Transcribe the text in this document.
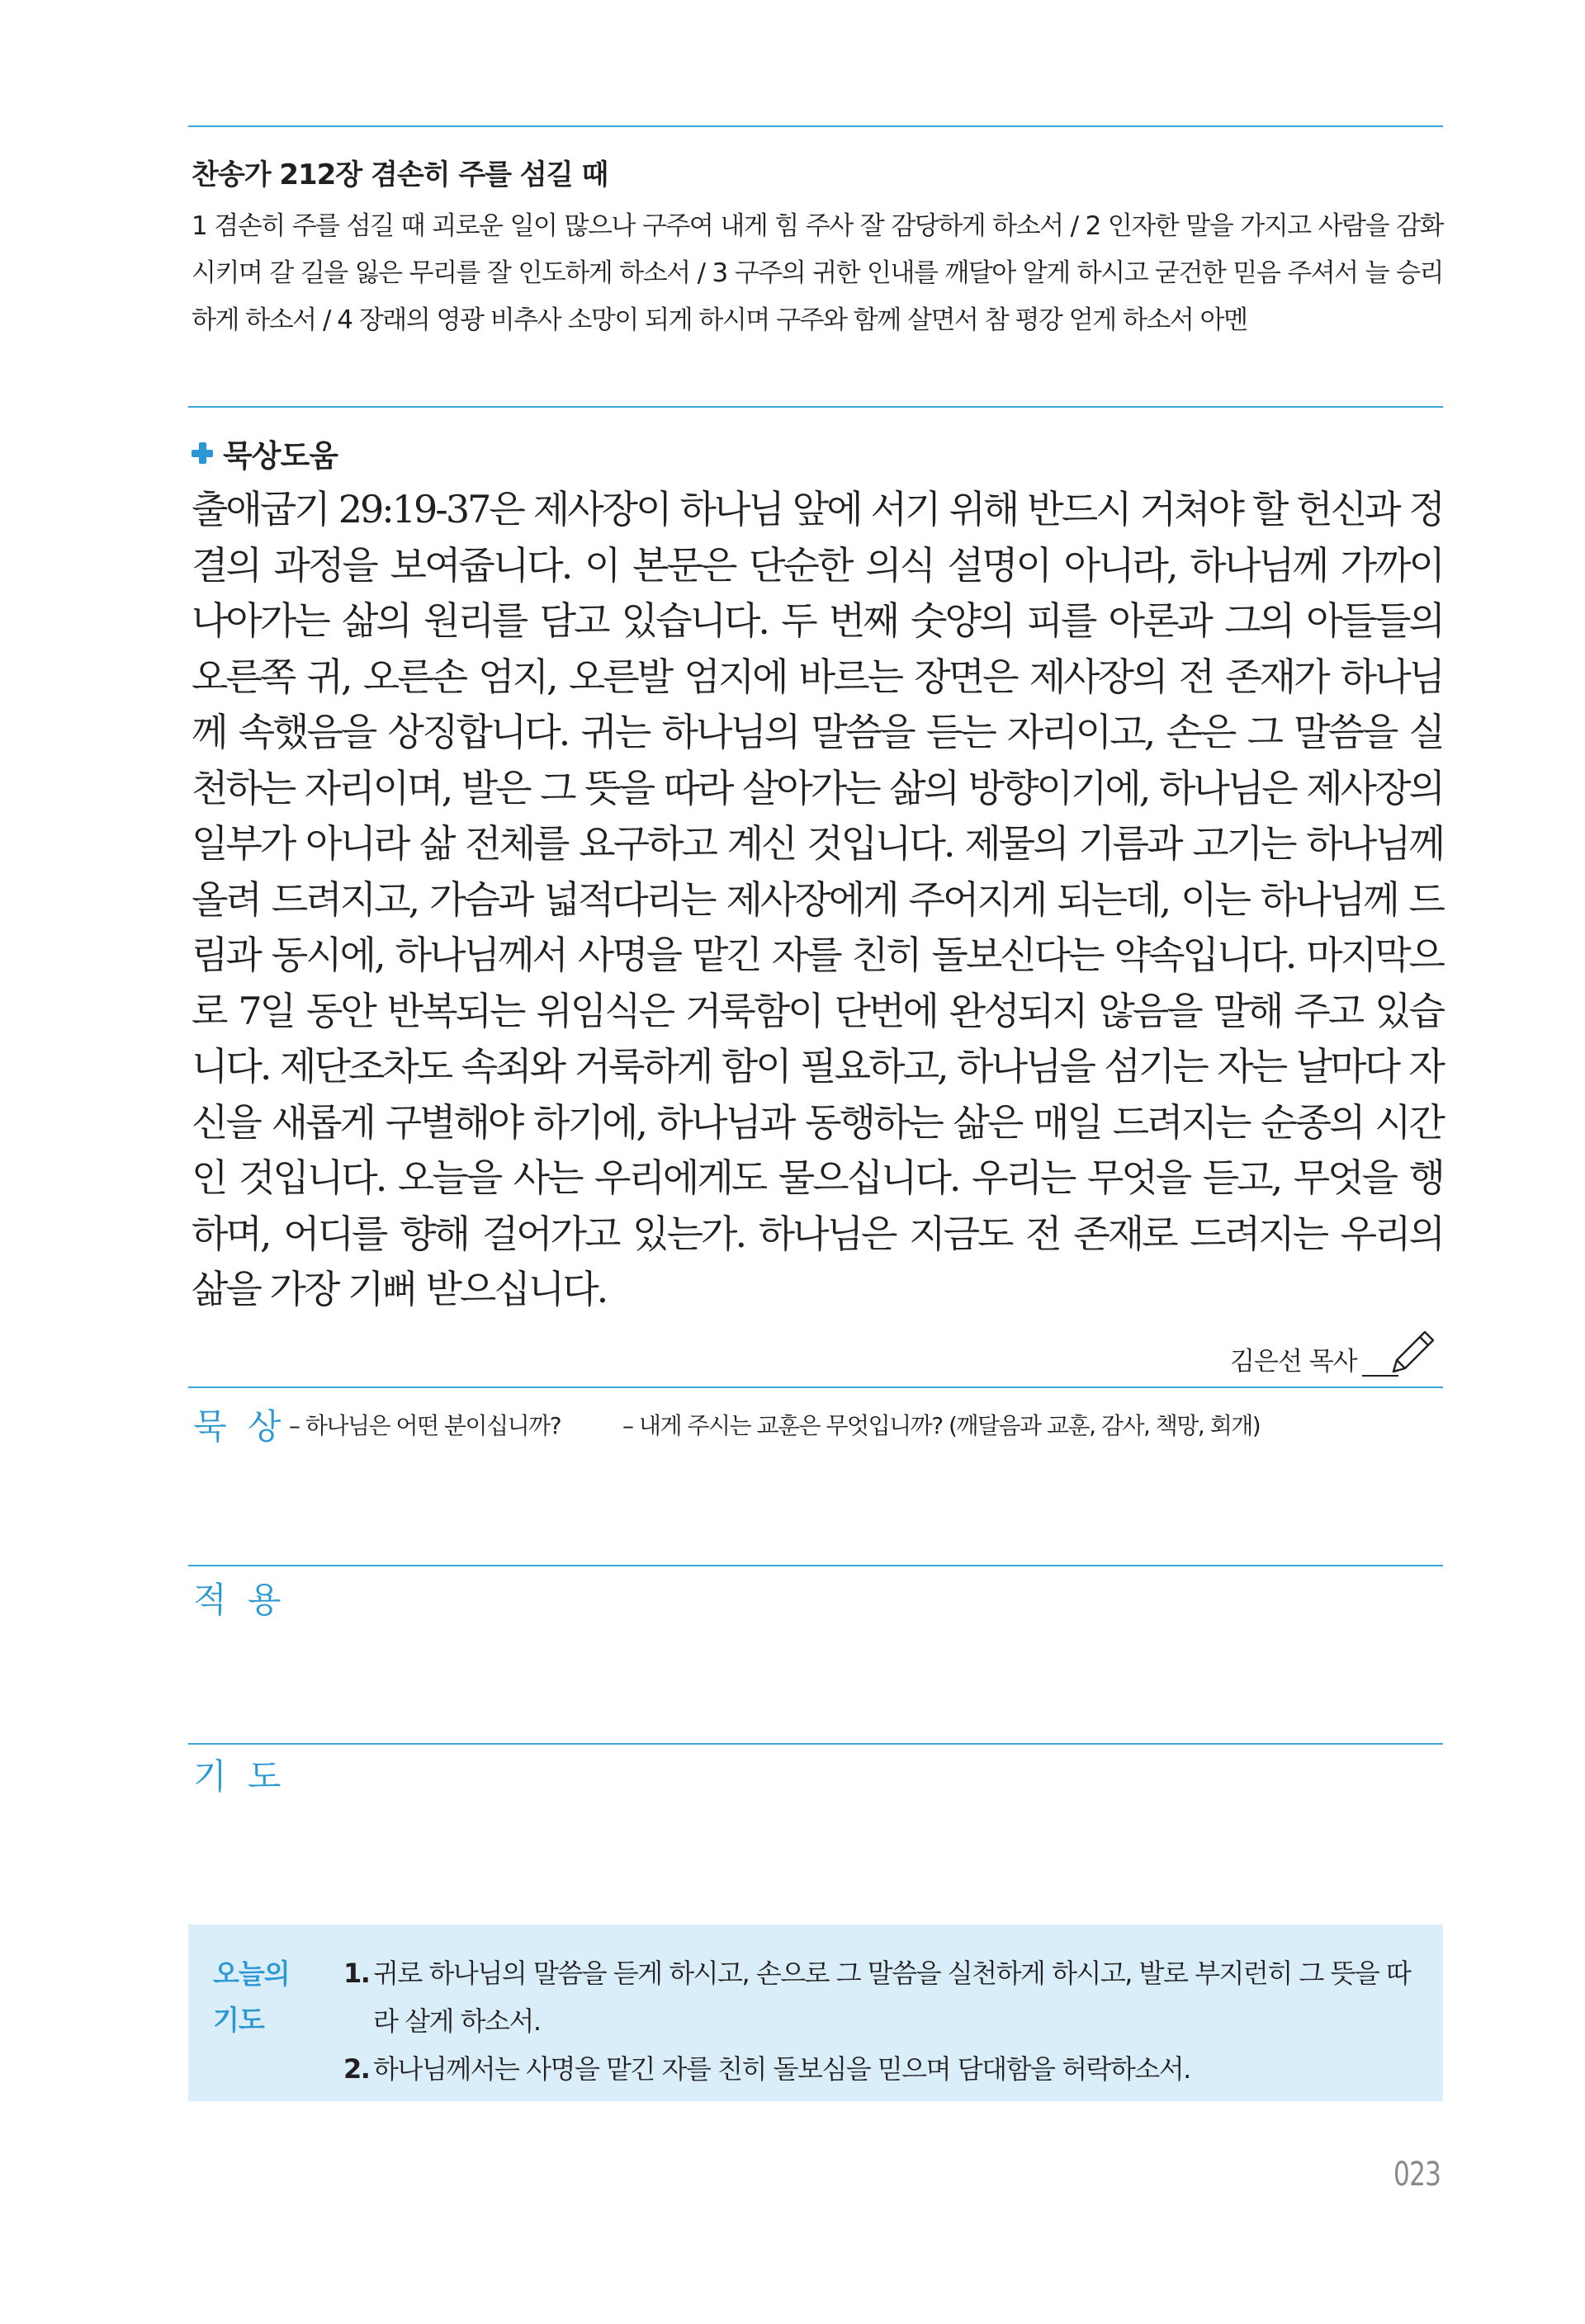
찬송가 212장 겸손히 주를 섬길 때
1 겸손히 주를 섬길 때 괴로운 일이 많으나 구주여 내게 힘 주사 잘 감당하게 하소서 / 2 인자한 말을 가지고 사람을 감화시키며 갈 길을 잃은 무리를 잘 인도하게 하소서 / 3 구주의 귀한 인내를 깨달아 알게 하시고 굳건한 믿음 주셔서 늘 승리하게 하소서 / 4 장래의 영광 비추사 소망이 되게 하시며 구주와 함께 살면서 참 평강 얻게 하소서 아멘
묵상도움
출애굽기 29:19-37은 제사장이 하나님 앞에 서기 위해 반드시 거쳐야 할 헌신과 정결의 과정을 보여줍니다. 이 본문은 단순한 의식 설명이 아니라, 하나님께 가까이 나아가는 삶의 원리를 담고 있습니다. 두 번째 숫양의 피를 아론과 그의 아들들의 오른쪽 귀, 오른손 엄지, 오른발 엄지에 바르는 장면은 제사장의 전 존재가 하나님께 속했음을 상징합니다. 귀는 하나님의 말씀을 듣는 자리이고, 손은 그 말씀을 실천하는 자리이며, 발은 그 뜻을 따라 살아가는 삶의 방향이기에, 하나님은 제사장의 일부가 아니라 삶 전체를 요구하고 계신 것입니다. 제물의 기름과 고기는 하나님께 올려 드려지고, 가슴과 넓적다리는 제사장에게 주어지게 되는데, 이는 하나님께 드림과 동시에, 하나님께서 사명을 맡긴 자를 친히 돌보신다는 약속입니다. 마지막으로 7일 동안 반복되는 위임식은 거룩함이 단번에 완성되지 않음을 말해 주고 있습니다. 제단조차도 속죄와 거룩하게 함이 필요하고, 하나님을 섬기는 자는 날마다 자신을 새롭게 구별해야 하기에, 하나님과 동행하는 삶은 매일 드려지는 순종의 시간인 것입니다. 오늘을 사는 우리에게도 물으십니다. 우리는 무엇을 듣고, 무엇을 행하며, 어디를 향해 걸어가고 있는가. 하나님은 지금도 전 존재로 드려지는 우리의 삶을 가장 기뻐 받으십니다.
김은선 목사
묵 상 – 하나님은 어떤 분이십니까?	– 내게 주시는 교훈은 무엇입니까? (깨달음과 교훈, 감사, 책망, 회개)
적 용
기 도
오늘의
기도
1. 귀로 하나님의 말씀을 듣게 하시고, 손으로 그 말씀을 실천하게 하시고, 발로 부지런히 그 뜻을 따라 살게 하소서.
2. 하나님께서는 사명을 맡긴 자를 친히 돌보심을 믿으며 담대함을 허락하소서.
023
